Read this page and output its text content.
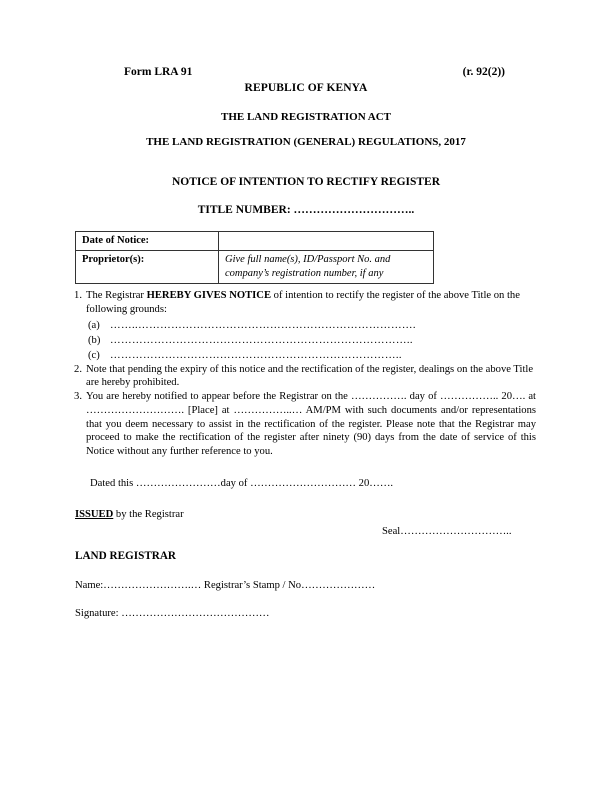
Form LRA 91	(r. 92(2))
REPUBLIC OF KENYA
THE LAND REGISTRATION ACT
THE LAND REGISTRATION (GENERAL) REGULATIONS, 2017
NOTICE OF INTENTION TO RECTIFY REGISTER
TITLE NUMBER: …………………………..
Date of Notice:	
Proprietor(s):	Give full name(s), ID/Passport No. and company’s registration number, if any
1. The Registrar HEREBY GIVES NOTICE of intention to rectify the register of the above Title on the following grounds:
(a) ……..………………………………………………………………….
(b) ………………………………………………………………………..
(c) ……………………………………………………………………..
2. Note that pending the expiry of this notice and the rectification of the register, dealings on the above Title are hereby prohibited.
3. You are hereby notified to appear before the Registrar on the ……………. day of …………….. 20…. at ………………………. [Place] at ……………..… AM/PM with such documents and/or representations that you deem necessary to assist in the rectification of the register. Please note that the Registrar may proceed to make the rectification of the register after ninety (90) days from the date of service of this Notice without any further reference to you.
Dated this ……………………day of ………………………… 20…….
ISSUED by the Registrar
Seal…………………………..
LAND REGISTRAR
Name:…………………….… Registrar’s Stamp / No…………………
Signature: ……………………………………
